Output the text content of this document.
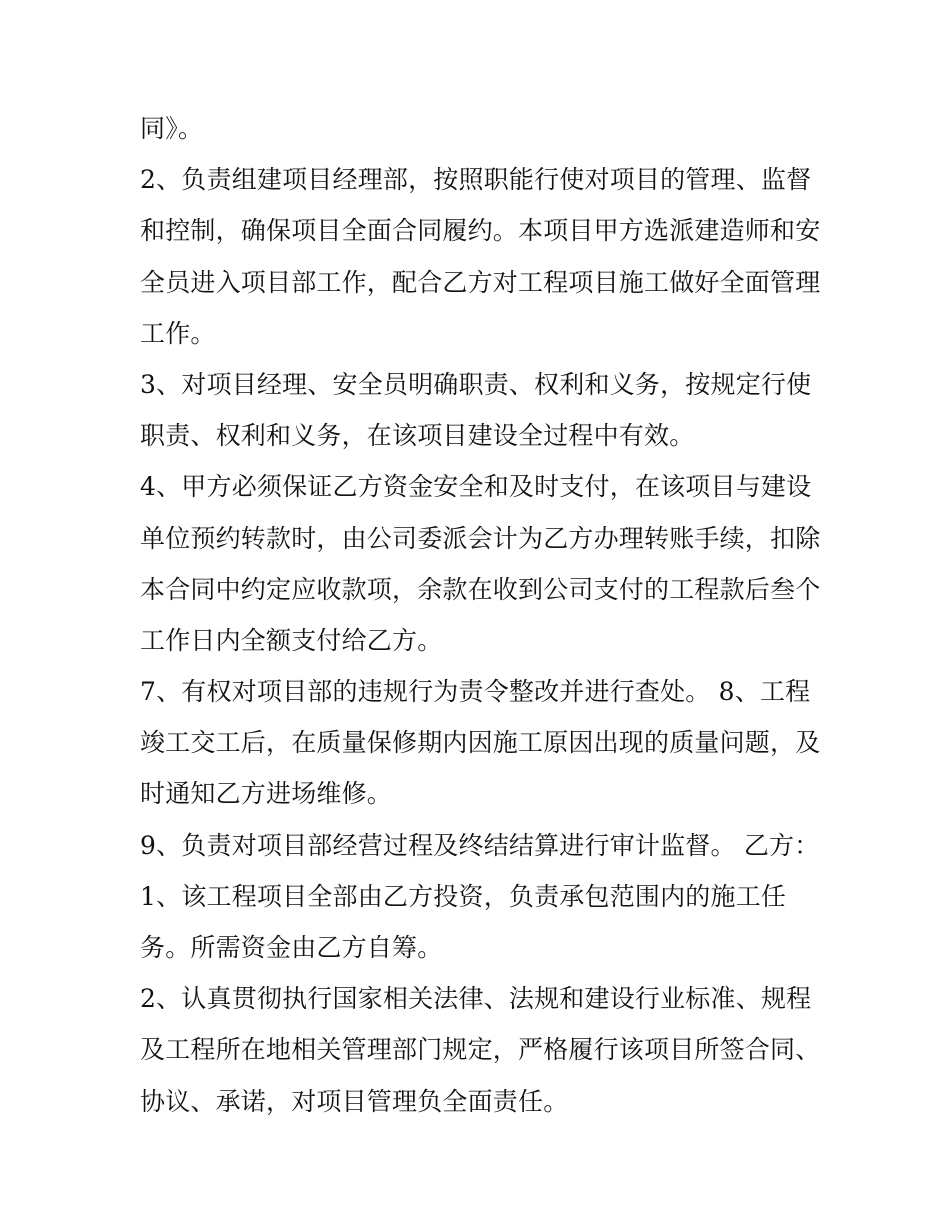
同》。
2、负责组建项目经理部，按照职能行使对项目的管理、监督
和控制，确保项目全面合同履约。本项目甲方选派建造师和安
全员进入项目部工作，配合乙方对工程项目施工做好全面管理
工作。
3、对项目经理、安全员明确职责、权利和义务，按规定行使
职责、权利和义务，在该项目建设全过程中有效。
4、甲方必须保证乙方资金安全和及时支付，在该项目与建设
单位预约转款时，由公司委派会计为乙方办理转账手续，扣除
本合同中约定应收款项，余款在收到公司支付的工程款后叁个
工作日内全额支付给乙方。
7、有权对项目部的违规行为责令整改并进行查处。 8、工程
竣工交工后，在质量保修期内因施工原因出现的质量问题，及
时通知乙方进场维修。
9、负责对项目部经营过程及终结结算进行审计监督。 乙方：
1、该工程项目全部由乙方投资，负责承包范围内的施工任
务。所需资金由乙方自筹。
2、认真贯彻执行国家相关法律、法规和建设行业标准、规程
及工程所在地相关管理部门规定，严格履行该项目所签合同、
协议、承诺，对项目管理负全面责任。
